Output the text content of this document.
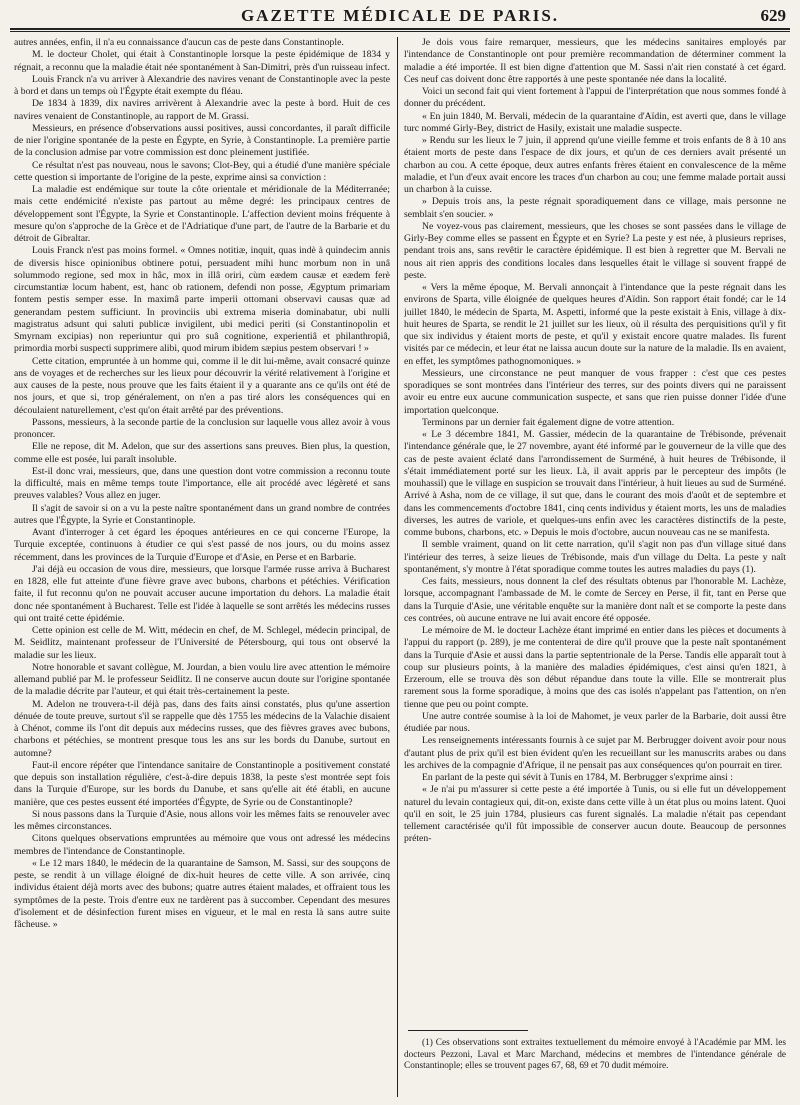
GAZETTE MÉDICALE DE PARIS.	629

autres années, enfin, il n'a eu connaissance d'aucun cas de peste dans Constantinople.

M. le docteur Cholet, qui était à Constantinople lorsque la peste épidémique de 1834 y régnait, a reconnu que la maladie était née spontanément à San-Dimitri, près d'un ruisseau infect.

Louis Franck n'a vu arriver à Alexandrie des navires venant de Constantinople avec la peste à bord et dans un temps où l'Égypte était exempte du fléau.

De 1834 à 1839, dix navires arrivèrent à Alexandrie avec la peste à bord. Huit de ces navires venaient de Constantinople, au rapport de M. Grassi.

Messieurs, en présence d'observations aussi positives, aussi concordantes, il paraît difficile de nier l'origine spontanée de la peste en Égypte, en Syrie, à Constantinople. La première partie de la conclusion admise par votre commission est donc pleinement justifiée.

Ce résultat n'est pas nouveau, nous le savons; Clot-Bey, qui a étudié d'une manière spéciale cette question si importante de l'origine de la peste, exprime ainsi sa conviction :

La maladie est endémique sur toute la côte orientale et méridionale de la Méditerranée; mais cette endémicité n'existe pas partout au même degré: les principaux centres de développement sont l'Égypte, la Syrie et Constantinople. L'affection devient moins fréquente à mesure qu'on s'approche de la Grèce et de l'Adriatique d'une part, de l'autre de la Barbarie et du détroit de Gibraltar.

Louis Franck n'est pas moins formel. « Omnes notitiæ, inquit, quas indè à quindecim annis de diversis hisce opinionibus obtinere potui, persuadent mihi hunc morbum non in unâ solummodo regione, sed mox in hâc, mox in illâ oriri, cùm eædem causæ et eædem ferè circumstantiæ locum habent, est, hanc ob rationem, defendi non posse, Ægyptum primariam fontem pestis semper esse. In maximâ parte imperii ottomani observavi causas quæ ad generandam pestem sufficiunt. In provinciis ubi extrema miseria dominabatur, ubi nulli magistratus adsunt qui saluti publicæ invigilent, ubi medici periti (si Constantinopolin et Smyrnam excipias) non reperiuntur qui pro suâ cognitione, experientiâ et philanthropiâ, primordia morbi suspecti supprimere alibi, quod mirum ibidem sæpius pestem observari ! »

Cette citation, empruntée à un homme qui, comme il le dit lui-même, avait consacré quinze ans de voyages et de recherches sur les lieux pour découvrir la vérité relativement à l'origine et aux causes de la peste, nous prouve que les faits étaient il y a quarante ans ce qu'ils ont été de nos jours, et que si, trop généralement, on n'en a pas tiré alors les conséquences qui en découlaient naturellement, c'est qu'on était arrêté par des préventions.

Passons, messieurs, à la seconde partie de la conclusion sur laquelle vous allez avoir à vous prononcer.

Elle ne repose, dit M. Adelon, que sur des assertions sans preuves. Bien plus, la question, comme elle est posée, lui paraît insoluble.

Est-il donc vrai, messieurs, que, dans une question dont votre commission a reconnu toute la difficulté, mais en même temps toute l'importance, elle ait procédé avec légèreté et sans preuves valables? Vous allez en juger.

Il s'agit de savoir si on a vu la peste naître spontanément dans un grand nombre de contrées autres que l'Égypte, la Syrie et Constantinople.

Avant d'interroger à cet égard les époques antérieures en ce qui concerne l'Europe, la Turquie exceptée, continuons à étudier ce qui s'est passé de nos jours, ou du moins assez récemment, dans les provinces de la Turquie d'Europe et d'Asie, en Perse et en Barbarie.

J'ai déjà eu occasion de vous dire, messieurs, que lorsque l'armée russe arriva à Bucharest en 1828, elle fut atteinte d'une fièvre grave avec bubons, charbons et pétéchies. Vérification faite, il fut reconnu qu'on ne pouvait accuser aucune importation du dehors. La maladie était donc née spontanément à Bucharest. Telle est l'idée à laquelle se sont arrêtés les médecins russes qui ont traité cette épidémie.

Cette opinion est celle de M. Witt, médecin en chef, de M. Schlegel, médecin principal, de M. Seidlitz, maintenant professeur de l'Université de Pétersbourg, qui tous ont observé la maladie sur les lieux.

Notre honorable et savant collègue, M. Jourdan, a bien voulu lire avec attention le mémoire allemand publié par M. le professeur Seidlitz. Il ne conserve aucun doute sur l'origine spontanée de la maladie décrite par l'auteur, et qui était très-certainement la peste.

M. Adelon ne trouvera-t-il déjà pas, dans des faits ainsi constatés, plus qu'une assertion dénuée de toute preuve, surtout s'il se rappelle que dès 1755 les médecins de la Valachie disaient à Chénot, comme ils l'ont dit depuis aux médecins russes, que des fièvres graves avec bubons, charbons et pétéchies, se montrent presque tous les ans sur les bords du Danube, surtout en automne?

Faut-il encore répéter que l'intendance sanitaire de Constantinople a positivement constaté que depuis son installation régulière, c'est-à-dire depuis 1838, la peste s'est montrée sept fois dans la Turquie d'Europe, sur les bords du Danube, et sans qu'elle ait été établi, en aucune manière, que ces pestes eussent été importées d'Égypte, de Syrie ou de Constantinople?

Si nous passons dans la Turquie d'Asie, nous allons voir les mêmes faits se renouveler avec les mêmes circonstances.

Citons quelques observations empruntées au mémoire que vous ont adressé les médecins membres de l'intendance de Constantinople.

« Le 12 mars 1840, le médecin de la quarantaine de Samson, M. Sassi, sur des soupçons de peste, se rendit à un village éloigné de dix-huit heures de cette ville. A son arrivée, cinq individus étaient déjà morts avec des bubons; quatre autres étaient malades, et offraient tous les symptômes de la peste. Trois d'entre eux ne tardèrent pas à succomber. Cependant des mesures d'isolement et de désinfection furent mises en vigueur, et le mal en resta là sans autre suite fâcheuse. »

Je dois vous faire remarquer, messieurs, que les médecins sanitaires employés par l'intendance de Constantinople ont pour première recommandation de déterminer comment la maladie a été importée. Il est bien digne d'attention que M. Sassi n'ait rien constaté à cet égard. Ces neuf cas doivent donc être rapportés à une peste spontanée née dans la localité.

Voici un second fait qui vient fortement à l'appui de l'interprétation que nous sommes fondé à donner du précédent.

« En juin 1840, M. Bervali, médecin de la quarantaine d'Aïdin, est averti que, dans le village turc nommé Girly-Bey, district de Hasily, existait une maladie suspecte.

» Rendu sur les lieux le 7 juin, il apprend qu'une vieille femme et trois enfants de 8 à 10 ans étaient morts de peste dans l'espace de dix jours, et qu'un de ces derniers avait présenté un charbon au cou. A cette époque, deux autres enfants frères étaient en convalescence de la même maladie, et l'un d'eux avait encore les traces d'un charbon au cou; une femme malade portait aussi un charbon à la cuisse.

» Depuis trois ans, la peste régnait sporadiquement dans ce village, mais personne ne semblait s'en soucier. »

Ne voyez-vous pas clairement, messieurs, que les choses se sont passées dans le village de Girly-Bey comme elles se passent en Égypte et en Syrie? La peste y est née, à plusieurs reprises, pendant trois ans, sans revêtir le caractère épidémique. Il est bien à regretter que M. Bervali ne nous ait rien appris des conditions locales dans lesquelles était le village si souvent frappé de peste.

« Vers la même époque, M. Bervali annonçait à l'intendance que la peste régnait dans les environs de Sparta, ville éloignée de quelques heures d'Aïdin. Son rapport était fondé; car le 14 juillet 1840, le médecin de Sparta, M. Aspetti, informé que la peste existait à Enis, village à dix-huit heures de Sparta, se rendit le 21 juillet sur les lieux, où il résulta des perquisitions qu'il y fit que six individus y étaient morts de peste, et qu'il y existait encore quatre malades. Ils furent visités par ce médecin, et leur état ne laissa aucun doute sur la nature de la maladie. Ils en avaient, en effet, les symptômes pathognomoniques. »

Messieurs, une circonstance ne peut manquer de vous frapper : c'est que ces pestes sporadiques se sont montrées dans l'intérieur des terres, sur des points divers qui ne paraissent avoir eu entre eux aucune communication suspecte, et sans que rien puisse donner l'idée d'une importation quelconque.

Terminons par un dernier fait également digne de votre attention.

« Le 3 décembre 1841, M. Gassier, médecin de la quarantaine de Trébisonde, prévenait l'intendance générale que, le 27 novembre, ayant été informé par le gouverneur de la ville que des cas de peste avaient éclaté dans l'arrondissement de Surméné, à huit heures de Trébisonde, il s'était immédiatement porté sur les lieux. Là, il avait appris par le percepteur des impôts (le mouhassil) que le village en suspicion se trouvait dans l'intérieur, à huit lieues au sud de Surméné. Arrivé à Asha, nom de ce village, il sut que, dans le courant des mois d'août et de septembre et dans les commencements d'octobre 1841, cinq cents individus y étaient morts, les uns de maladies diverses, les autres de variole, et quelques-uns enfin avec les caractères distinctifs de la peste, comme bubons, charbons, etc. » Depuis le mois d'octobre, aucun nouveau cas ne se manifesta.

Il semble vraiment, quand on lit cette narration, qu'il s'agit non pas d'un village situé dans l'intérieur des terres, à seize lieues de Trébisonde, mais d'un village du Delta. La peste y naît spontanément, s'y montre à l'état sporadique comme toutes les autres maladies du pays (1).

Ces faits, messieurs, nous donnent la clef des résultats obtenus par l'honorable M. Lachèze, lorsque, accompagnant l'ambassade de M. le comte de Sercey en Perse, il fit, tant en Perse que dans la Turquie d'Asie, une véritable enquête sur la manière dont naît et se comporte la peste dans ces contrées, où aucune entrave ne lui avait encore été opposée.

Le mémoire de M. le docteur Lachèze étant imprimé en entier dans les pièces et documents à l'appui du rapport (p. 289), je me contenterai de dire qu'il prouve que la peste naît spontanément dans la Turquie d'Asie et aussi dans la partie septentrionale de la Perse. Tandis elle apparaît tout à coup sur plusieurs points, à la manière des maladies épidémiques, c'est ainsi qu'en 1821, à Erzeroum, elle se trouva dès son début répandue dans toute la ville. Elle se montrerait plus rarement sous la forme sporadique, à moins que des cas isolés n'appelant pas l'attention, on n'en tienne que peu ou point compte.

Une autre contrée soumise à la loi de Mahomet, je veux parler de la Barbarie, doit aussi être étudiée par nous.

Les renseignements intéressants fournis à ce sujet par M. Berbrugger doivent avoir pour nous d'autant plus de prix qu'il est bien évident qu'en les recueillant sur les manuscrits arabes ou dans les archives de la compagnie d'Afrique, il ne pensait pas aux conséquences qu'on pourrait en tirer.

En parlant de la peste qui sévit à Tunis en 1784, M. Berbrugger s'exprime ainsi :

« Je n'ai pu m'assurer si cette peste a été importée à Tunis, ou si elle fut un développement naturel du levain contagieux qui, dit-on, existe dans cette ville à un état plus ou moins latent. Quoi qu'il en soit, le 25 juin 1784, plusieurs cas furent signalés. La maladie n'était pas cependant tellement caractérisée qu'il fût impossible de conserver aucun doute. Beaucoup de personnes préten-

(1) Ces observations sont extraites textuellement du mémoire envoyé à l'Académie par MM. les docteurs Pezzoni, Laval et Marc Marchand, médecins et membres de l'intendance générale de Constantinople; elles se trouvent pages 67, 68, 69 et 70 dudit mémoire.
